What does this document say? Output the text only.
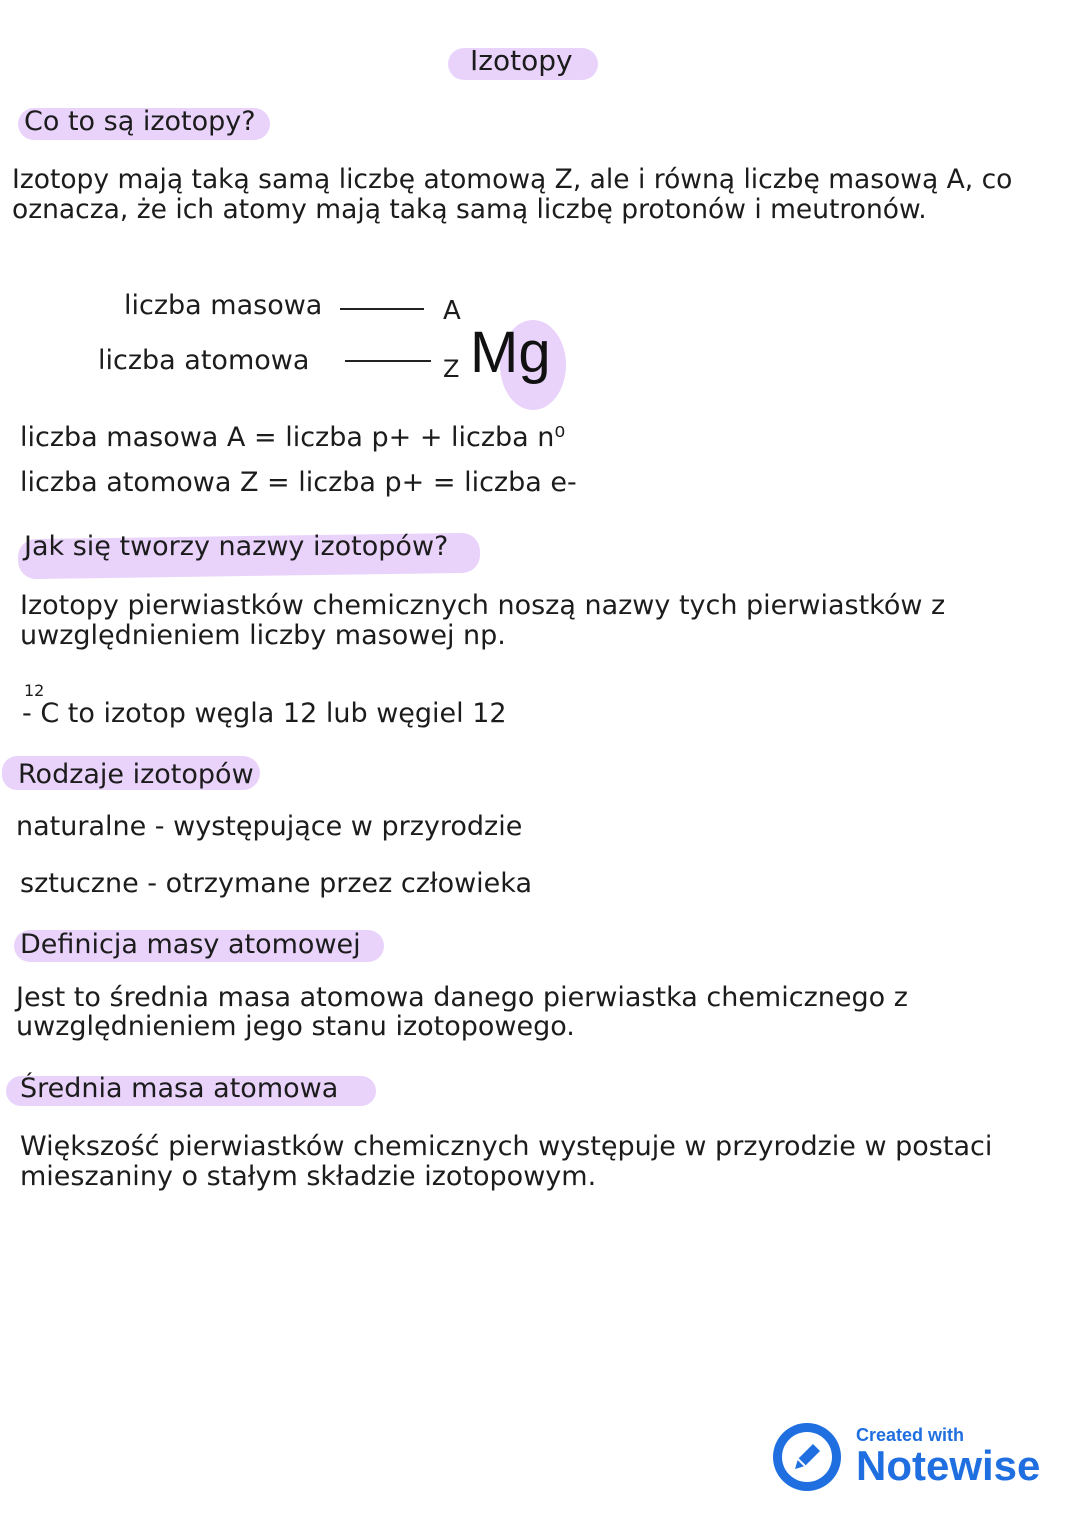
Izotopy

Co to są izotopy?

Izotopy mają taką samą liczbę atomową Z, ale i równą liczbę masową A, co

oznacza, że ich atomy mają taką samą liczbę protonów i meutronów.

liczba masowa	A

liczba atomowa	Z Mg

liczba masowa A = liczba p+ + liczba n⁰

liczba atomowa Z = liczba p+ = liczba e-

Jak się tworzy nazwy izotopów?

Izotopy pierwiastków chemicznych noszą nazwy tych pierwiastków z

uwzględnieniem liczby masowej np.

12

- C to izotop węgla 12 lub węgiel 12

Rodzaje izotopów

naturalne - występujące w przyrodzie

sztuczne - otrzymane przez człowieka

Definicja masy atomowej

Jest to średnia masa atomowa danego pierwiastka chemicznego z

uwzględnieniem jego stanu izotopowego.

Średnia masa atomowa

Większość pierwiastków chemicznych występuje w przyrodzie w postaci

mieszaniny o stałym składzie izotopowym.

Created with

Notewise
